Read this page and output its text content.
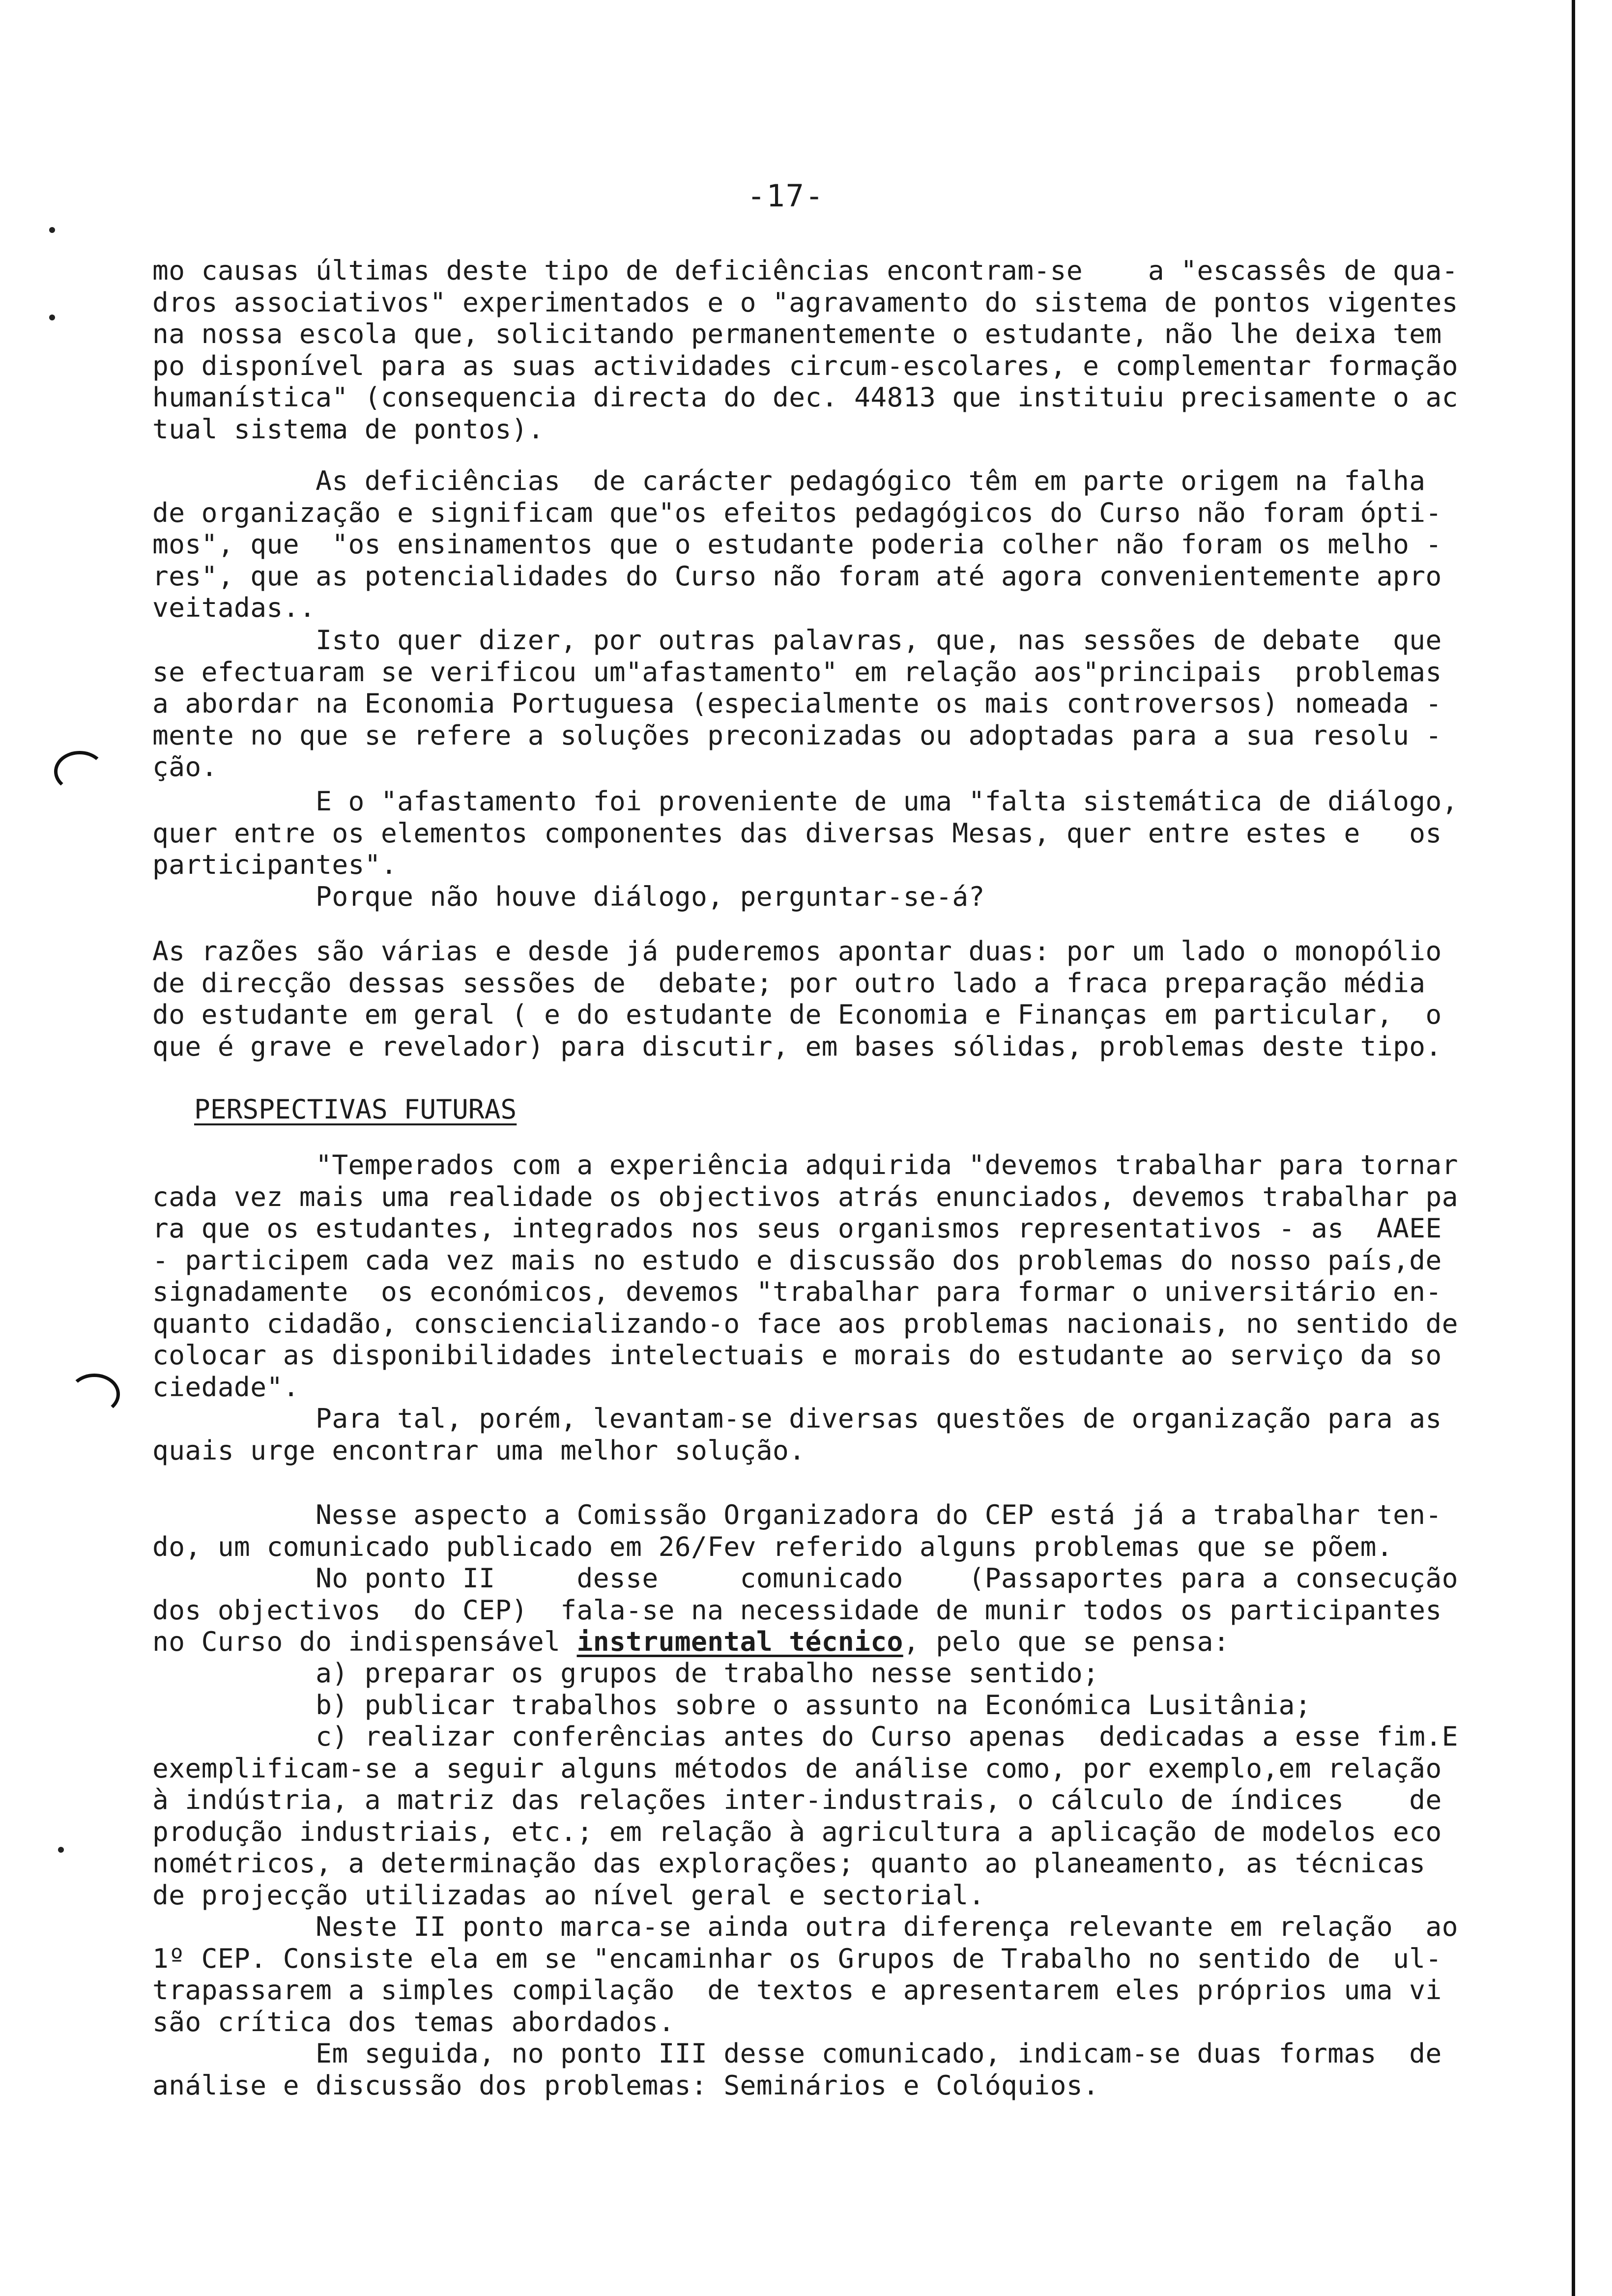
-17-
mo causas últimas deste tipo de deficiências encontram-se    a "escassês de qua-
dros associativos" experimentados e o "agravamento do sistema de pontos vigentes
na nossa escola que, solicitando permanentemente o estudante, não lhe deixa tem
po disponível para as suas actividades circum-escolares, e complementar formação
humanística" (consequencia directa do dec. 44813 que instituiu precisamente o ac
tual sistema de pontos).
As deficiências  de carácter pedagógico têm em parte origem na falha
de organização e significam que"os efeitos pedagógicos do Curso não foram ópti-
mos", que  "os ensinamentos que o estudante poderia colher não foram os melho -
res", que as potencialidades do Curso não foram até agora convenientemente apro
veitadas..
Isto quer dizer, por outras palavras, que, nas sessões de debate  que
se efectuaram se verificou um"afastamento" em relação aos"principais  problemas
a abordar na Economia Portuguesa (especialmente os mais controversos) nomeada -
mente no que se refere a soluções preconizadas ou adoptadas para a sua resolu -
ção.
E o "afastamento foi proveniente de uma "falta sistemática de diálogo,
quer entre os elementos componentes das diversas Mesas, quer entre estes e   os
participantes".
Porque não houve diálogo, perguntar-se-á?
As razões são várias e desde já puderemos apontar duas: por um lado o monopólio
de direcção dessas sessões de  debate; por outro lado a fraca preparação média
do estudante em geral ( e do estudante de Economia e Finanças em particular,  o
que é grave e revelador) para discutir, em bases sólidas, problemas deste tipo.
PERSPECTIVAS FUTURAS
"Temperados com a experiência adquirida "devemos trabalhar para tornar
cada vez mais uma realidade os objectivos atrás enunciados, devemos trabalhar pa
ra que os estudantes, integrados nos seus organismos representativos - as  AAEE
- participem cada vez mais no estudo e discussão dos problemas do nosso país,de
signadamente  os económicos, devemos "trabalhar para formar o universitário en-
quanto cidadão, consciencializando-o face aos problemas nacionais, no sentido de
colocar as disponibilidades intelectuais e morais do estudante ao serviço da so
ciedade".
Para tal, porém, levantam-se diversas questões de organização para as
quais urge encontrar uma melhor solução.
Nesse aspecto a Comissão Organizadora do CEP está já a trabalhar ten-
do, um comunicado publicado em 26/Fev referido alguns problemas que se põem.
No ponto II     desse     comunicado    (Passaportes para a consecução
dos objectivos  do CEP)  fala-se na necessidade de munir todos os participantes
no Curso do indispensável instrumental técnico, pelo que se pensa:
a) preparar os grupos de trabalho nesse sentido;
b) publicar trabalhos sobre o assunto na Económica Lusitânia;
c) realizar conferências antes do Curso apenas  dedicadas a esse fim.E
exemplificam-se a seguir alguns métodos de análise como, por exemplo,em relação
à indústria, a matriz das relações inter-industrais, o cálculo de índices    de
produção industriais, etc.; em relação à agricultura a aplicação de modelos eco
nométricos, a determinação das explorações; quanto ao planeamento, as técnicas
de projecção utilizadas ao nível geral e sectorial.
Neste II ponto marca-se ainda outra diferença relevante em relação  ao
1º CEP. Consiste ela em se "encaminhar os Grupos de Trabalho no sentido de  ul-
trapassarem a simples compilação  de textos e apresentarem eles próprios uma vi
são crítica dos temas abordados.
Em seguida, no ponto III desse comunicado, indicam-se duas formas  de
análise e discussão dos problemas: Seminários e Colóquios.
